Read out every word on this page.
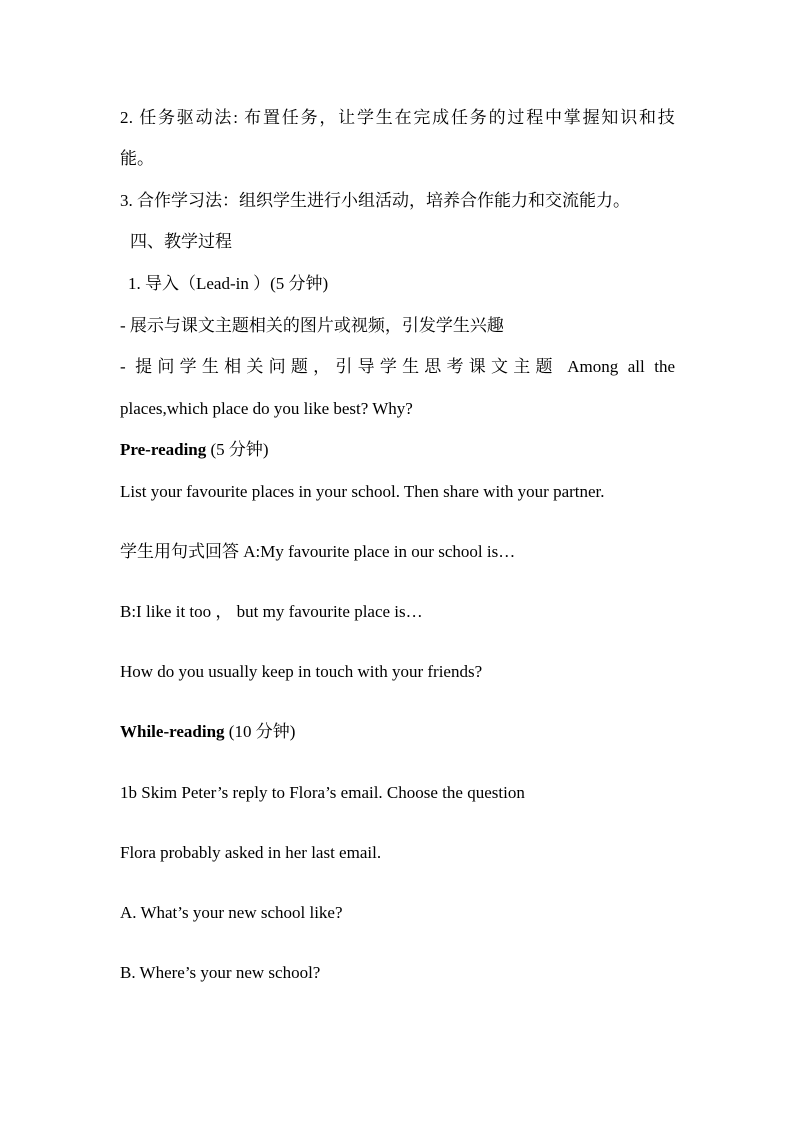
2. 任务驱动法: 布置任务，让学生在完成任务的过程中掌握知识和技
能。
3. 合作学习法：组织学生进行小组活动，培养合作能力和交流能力。
四、教学过程
1. 导入（Lead-in ）(5 分钟)
- 展示与课文主题相关的图片或视频，引发学生兴趣
- 提问学生相关问题，引导学生思考课文主题 Among all the
places,which place do you like best? Why?
Pre-reading (5 分钟)
List your favourite places in your school. Then share with your partner.
学生用句式回答 A:My favourite place in our school is…
B:I like it too ， but my favourite place is…
How do you usually keep in touch with your friends?
While-reading (10 分钟)
1b Skim Peter’s reply to Flora’s email. Choose the question
Flora probably asked in her last email.
A. What’s your new school like?
B. Where’s your new school?
